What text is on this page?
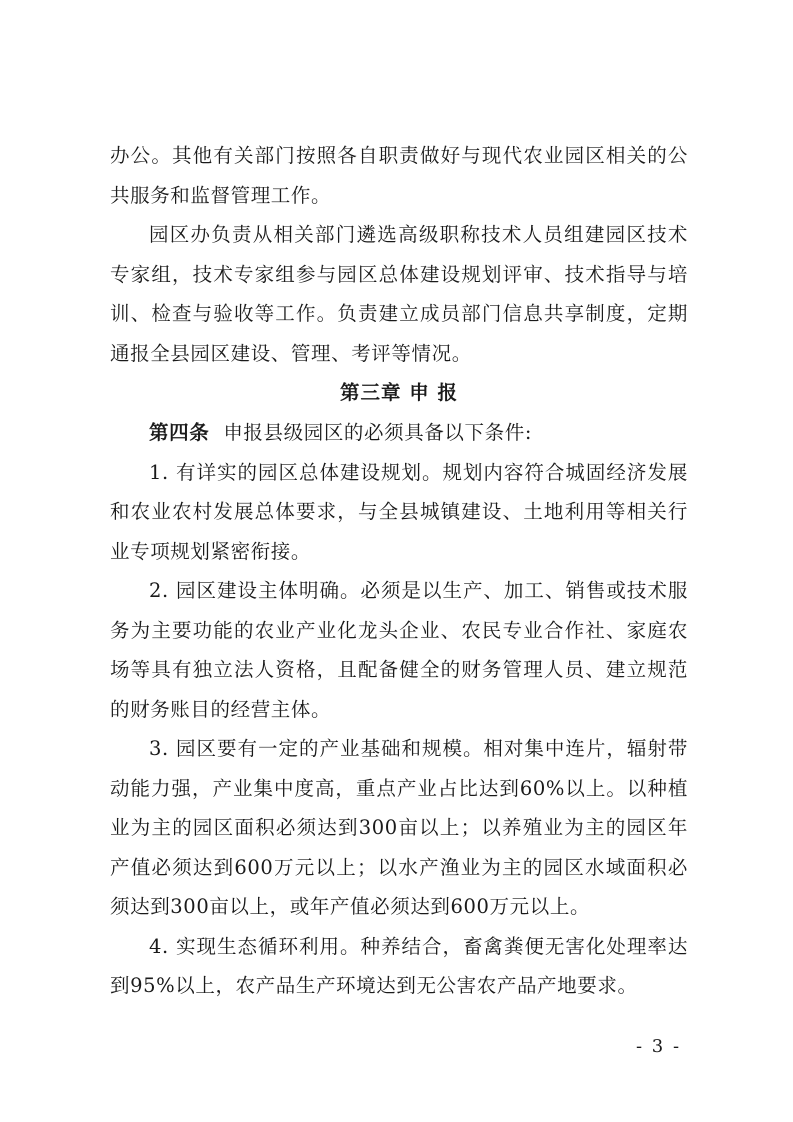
办公。其他有关部门按照各自职责做好与现代农业园区相关的公共服务和监督管理工作。

园区办负责从相关部门遴选高级职称技术人员组建园区技术专家组，技术专家组参与园区总体建设规划评审、技术指导与培训、检查与验收等工作。负责建立成员部门信息共享制度，定期通报全县园区建设、管理、考评等情况。

第三章 申 报

第四条 申报县级园区的必须具备以下条件:

1. 有详实的园区总体建设规划。规划内容符合城固经济发展和农业农村发展总体要求，与全县城镇建设、土地利用等相关行业专项规划紧密衔接。

2. 园区建设主体明确。必须是以生产、加工、销售或技术服务为主要功能的农业产业化龙头企业、农民专业合作社、家庭农场等具有独立法人资格，且配备健全的财务管理人员、建立规范的财务账目的经营主体。

3. 园区要有一定的产业基础和规模。相对集中连片，辐射带动能力强，产业集中度高，重点产业占比达到60%以上。以种植业为主的园区面积必须达到300亩以上；以养殖业为主的园区年产值必须达到600万元以上；以水产渔业为主的园区水域面积必须达到300亩以上，或年产值必须达到600万元以上。

4. 实现生态循环利用。种养结合，畜禽粪便无害化处理率达到95%以上，农产品生产环境达到无公害农产品产地要求。

- 3 -
